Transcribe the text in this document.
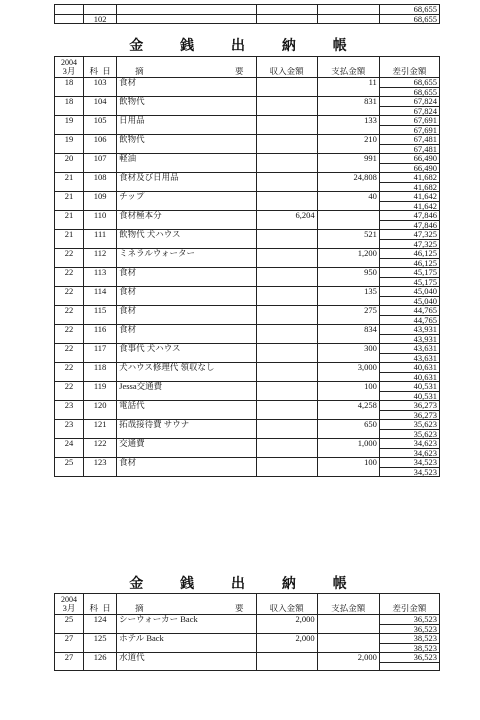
					68,655
	102				68,655
金 銭 出 納 帳
2004					
3月	科 日	摘 要	収入金額	支払金額	差引金額
18	103	食材		11	68,655
					68,655
18	104	飲物代		831	67,824
					67,824
19	105	日用品		133	67,691
					67,691
19	106	飲物代		210	67,481
					67,481
20	107	軽油		991	66,490
					66,490
21	108	食材及び日用品		24,808	41,682
					41,682
21	109	チップ		40	41,642
					41,642
21	110	食材極本分	6,204		47,846
					47,846
21	111	飲物代 犬ハウス		521	47,325
					47,325
22	112	ミネラルウォーター		1,200	46,125
					46,125
22	113	食材		950	45,175
					45,175
22	114	食材		135	45,040
					45,040
22	115	食材		275	44,765
					44,765
22	116	食材		834	43,931
					43,931
22	117	食事代 犬ハウス		300	43,631
					43,631
22	118	犬ハウス修理代 領収なし		3,000	40,631
					40,631
22	119	Jessa交通費		100	40,531
					40,531
23	120	電話代		4,258	36,273
					36,273
23	121	拓哉接待費 サウナ		650	35,623
					35,623
24	122	交通費		1,000	34,623
					34,623
25	123	食材		100	34,523
					34,523
金 銭 出 納 帳
2004					
3月	科 日	摘 要	収入金額	支払金額	差引金額
25	124	シーウォーカー Back	2,000		36,523
					36,523
27	125	ホテル Back	2,000		38,523
					38,523
27	126	水道代		2,000	36,523
